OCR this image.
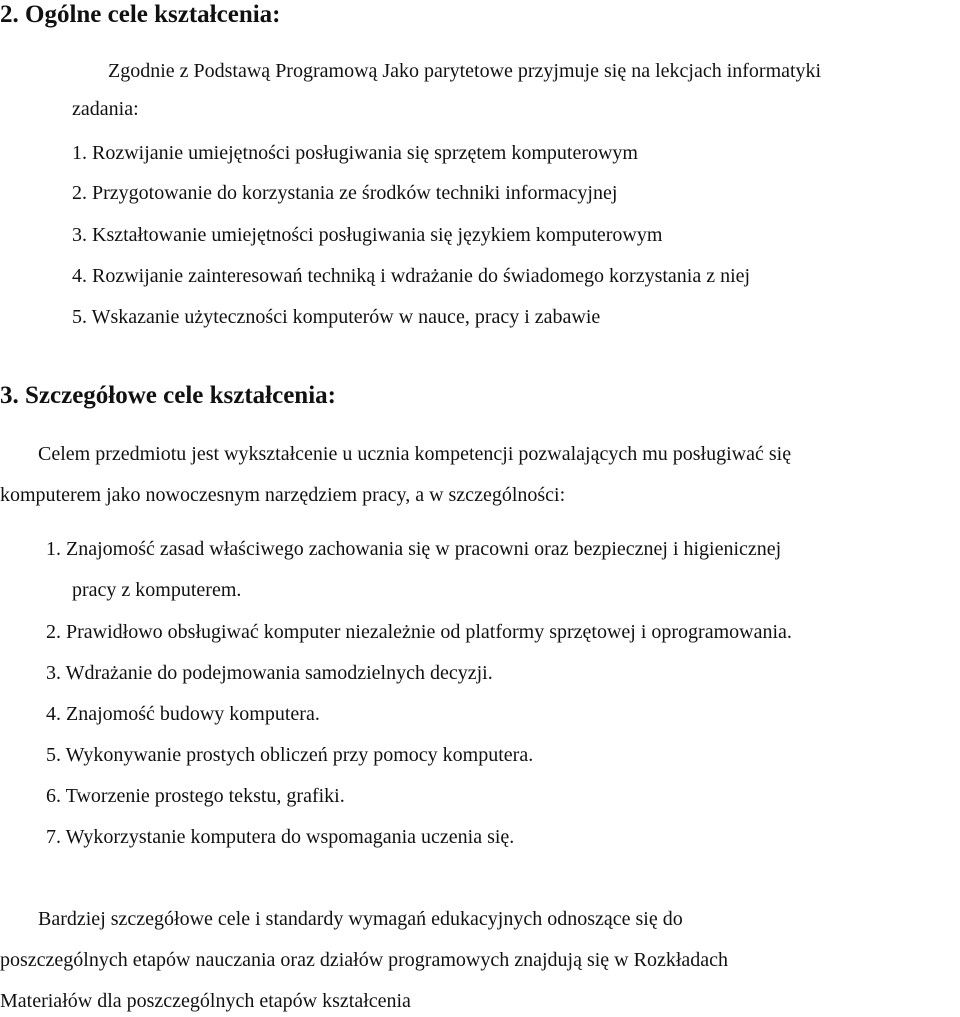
2. Ogólne cele kształcenia:

Zgodnie z Podstawą Programową Jako parytetowe przyjmuje się na lekcjach informatyki

zadania:

1. Rozwijanie umiejętności posługiwania się sprzętem komputerowym

2. Przygotowanie do korzystania ze środków techniki informacyjnej

3. Kształtowanie umiejętności posługiwania się językiem komputerowym

4. Rozwijanie zainteresowań techniką i wdrażanie do świadomego korzystania z niej

5. Wskazanie użyteczności komputerów w nauce, pracy i zabawie

3. Szczegółowe cele kształcenia:

Celem przedmiotu jest wykształcenie u ucznia kompetencji pozwalających mu posługiwać się

komputerem jako nowoczesnym narzędziem pracy, a w szczególności:

1. Znajomość zasad właściwego zachowania się w pracowni oraz bezpiecznej i higienicznej

pracy z komputerem.

2. Prawidłowo obsługiwać komputer niezależnie od platformy sprzętowej i oprogramowania.

3. Wdrażanie do podejmowania samodzielnych decyzji.

4. Znajomość budowy komputera.

5. Wykonywanie prostych obliczeń przy pomocy komputera.

6. Tworzenie prostego tekstu, grafiki.

7. Wykorzystanie komputera do wspomagania uczenia się.

Bardziej szczegółowe cele i standardy wymagań edukacyjnych odnoszące się do

poszczególnych etapów nauczania oraz działów programowych znajdują się w Rozkładach

Materiałów dla poszczególnych etapów kształcenia
